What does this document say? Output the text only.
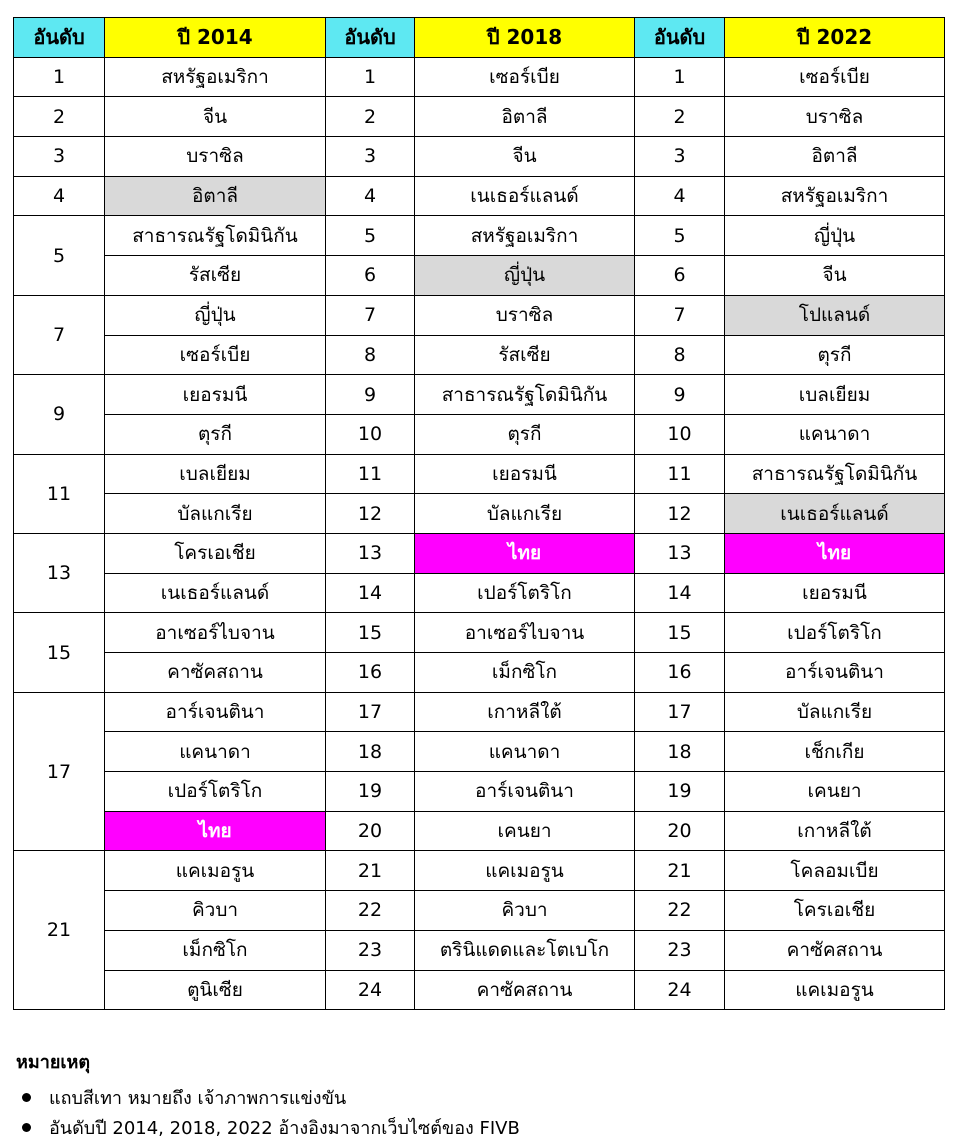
อันดับ	ปี 2014	อันดับ	ปี 2018	อันดับ	ปี 2022
1	สหรัฐอเมริกา	1	เซอร์เบีย	1	เซอร์เบีย
2	จีน	2	อิตาลี	2	บราซิล
3	บราซิล	3	จีน	3	อิตาลี
4	อิตาลี	4	เนเธอร์แลนด์	4	สหรัฐอเมริกา
5	สาธารณรัฐโดมินิกัน	5	สหรัฐอเมริกา	5	ญี่ปุ่น
	รัสเซีย	6	ญี่ปุ่น	6	จีน
7	ญี่ปุ่น	7	บราซิล	7	โปแลนด์
	เซอร์เบีย	8	รัสเซีย	8	ตุรกี
9	เยอรมนี	9	สาธารณรัฐโดมินิกัน	9	เบลเยียม
	ตุรกี	10	ตุรกี	10	แคนาดา
11	เบลเยียม	11	เยอรมนี	11	สาธารณรัฐโดมินิกัน
	บัลแกเรีย	12	บัลแกเรีย	12	เนเธอร์แลนด์
13	โครเอเชีย	13	ไทย	13	ไทย
	เนเธอร์แลนด์	14	เปอร์โตริโก	14	เยอรมนี
15	อาเซอร์ไบจาน	15	อาเซอร์ไบจาน	15	เปอร์โตริโก
	คาซัคสถาน	16	เม็กซิโก	16	อาร์เจนตินา
17	อาร์เจนตินา	17	เกาหลีใต้	17	บัลแกเรีย
	แคนาดา	18	แคนาดา	18	เช็กเกีย
	เปอร์โตริโก	19	อาร์เจนตินา	19	เคนยา
	ไทย	20	เคนยา	20	เกาหลีใต้
21	แคเมอรูน	21	แคเมอรูน	21	โคลอมเบีย
	คิวบา	22	คิวบา	22	โครเอเชีย
	เม็กซิโก	23	ตรินิแดดและโตเบโก	23	คาซัคสถาน
	ตูนิเซีย	24	คาซัคสถาน	24	แคเมอรูน
หมายเหตุ
แถบสีเทา หมายถึง เจ้าภาพการแข่งขัน
อันดับปี 2014, 2018, 2022 อ้างอิงมาจากเว็บไซต์ของ FIVB
